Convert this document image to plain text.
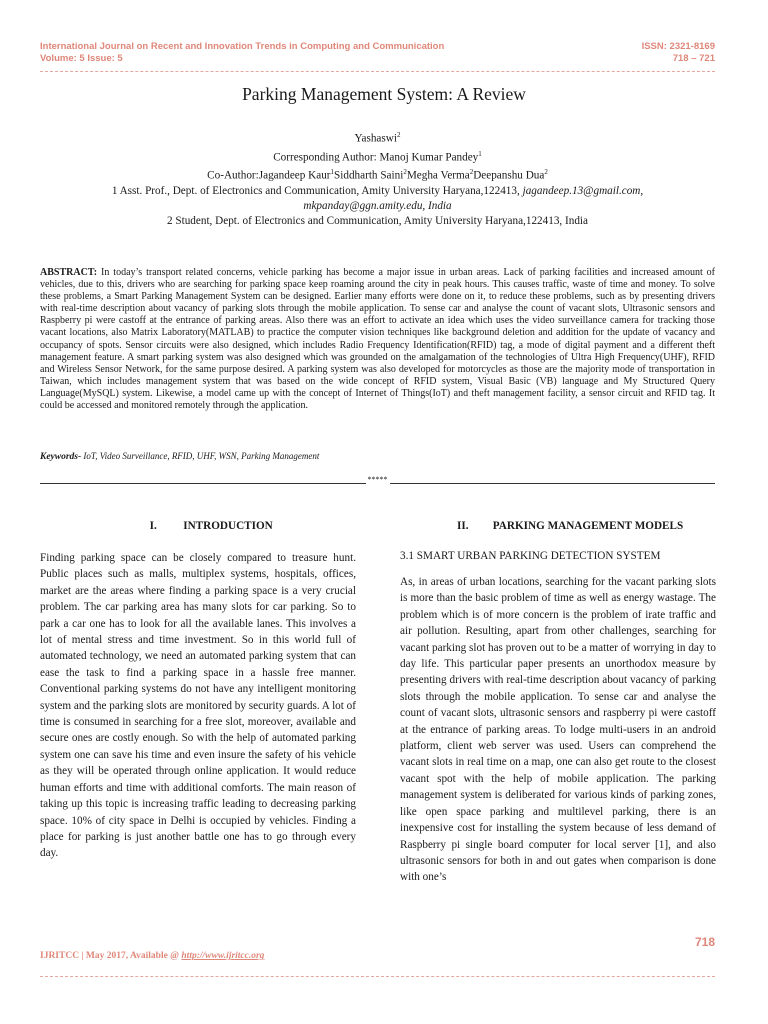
International Journal on Recent and Innovation Trends in Computing and Communication
Volume: 5 Issue: 5
ISSN: 2321-8169
718 – 721
Parking Management System: A Review
Yashaswi$^2$
Corresponding Author: Manoj Kumar Pandey$^1$
Co-Author:Jagandeep Kaur$^1$Siddharth Saini$^2$Megha Verma$^2$Deepanshu Dua$^2$
1 Asst. Prof., Dept. of Electronics and Communication, Amity University Haryana,122413, jagandeep.13@gmail.com,
mkpanday@ggn.amity.edu, India
2 Student, Dept. of Electronics and Communication, Amity University Haryana,122413, India
ABSTRACT: In today’s transport related concerns, vehicle parking has become a major issue in urban areas. Lack of parking facilities and increased amount of vehicles, due to this, drivers who are searching for parking space keep roaming around the city in peak hours. This causes traffic, waste of time and money. To solve these problems, a Smart Parking Management System can be designed. Earlier many efforts were done on it, to reduce these problems, such as by presenting drivers with real-time description about vacancy of parking slots through the mobile application. To sense car and analyse the count of vacant slots, Ultrasonic sensors and Raspberry pi were castoff at the entrance of parking areas. Also there was an effort to activate an idea which uses the video surveillance camera for tracking those vacant locations, also Matrix Laboratory(MATLAB) to practice the computer vision techniques like background deletion and addition for the update of vacancy and occupancy of spots. Sensor circuits were also designed, which includes Radio Frequency Identification(RFID) tag, a mode of digital payment and a different theft management feature. A smart parking system was also designed which was grounded on the amalgamation of the technologies of Ultra High Frequency(UHF), RFID and Wireless Sensor Network, for the same purpose desired. A parking system was also developed for motorcycles as those are the majority mode of transportation in Taiwan, which includes management system that was based on the wide concept of RFID system, Visual Basic (VB) language and My Structured Query Language(MySQL) system. Likewise, a model came up with the concept of Internet of Things(IoT) and theft management facility, a sensor circuit and RFID tag. It could be accessed and monitored remotely through the application.
Keywords- IoT, Video Surveillance, RFID, UHF, WSN, Parking Management
*****
I. INTRODUCTION

Finding parking space can be closely compared to treasure hunt. Public places such as malls, multiplex systems, hospitals, offices, market are the areas where finding a parking space is a very crucial problem. The car parking area has many slots for car parking. So to park a car one has to look for all the available lanes. This involves a lot of mental stress and time investment. So in this world full of automated technology, we need an automated parking system that can ease the task to find a parking space in a hassle free manner. Conventional parking systems do not have any intelligent monitoring system and the parking slots are monitored by security guards. A lot of time is consumed in searching for a free slot, moreover, available and secure ones are costly enough. So with the help of automated parking system one can save his time and even insure the safety of his vehicle as they will be operated through online application. It would reduce human efforts and time with additional comforts. The main reason of taking up this topic is increasing traffic leading to decreasing parking space. 10% of city space in Delhi is occupied by vehicles. Finding a place for parking is just another battle one has to go through every day.

II. PARKING MANAGEMENT MODELS
3.1 SMART URBAN PARKING DETECTION SYSTEM

As, in areas of urban locations, searching for the vacant parking slots is more than the basic problem of time as well as energy wastage. The problem which is of more concern is the problem of irate traffic and air pollution. Resulting, apart from other challenges, searching for vacant parking slot has proven out to be a matter of worrying in day to day life. This particular paper presents an unorthodox measure by presenting drivers with real-time description about vacancy of parking slots through the mobile application. To sense car and analyse the count of vacant slots, ultrasonic sensors and raspberry pi were castoff at the entrance of parking areas. To lodge multi-users in an android platform, client web server was used. Users can comprehend the vacant slots in real time on a map, one can also get route to the closest vacant spot with the help of mobile application. The parking management system is deliberated for various kinds of parking zones, like open space parking and multilevel parking, there is an inexpensive cost for installing the system because of less demand of Raspberry pi single board computer for local server [1], and also ultrasonic sensors for both in and out gates when comparison is done with one’s

718
IJRITCC | May 2017, Available @ http://www.ijritcc.org
